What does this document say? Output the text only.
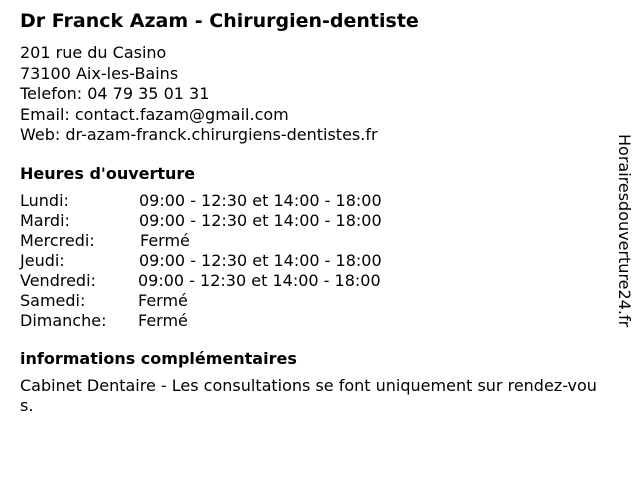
Dr Franck Azam - Chirurgien-dentiste
201 rue du Casino
73100 Aix-les-Bains
Telefon: 04 79 35 01 31
Email: contact.fazam@gmail.com
Web: dr-azam-franck.chirurgiens-dentistes.fr
Heures d'ouverture
Lundi:	09:00 - 12:30 et 14:00 - 18:00
Mardi:	09:00 - 12:30 et 14:00 - 18:00
Mercredi:	Fermé
Jeudi:	09:00 - 12:30 et 14:00 - 18:00
Vendredi:	09:00 - 12:30 et 14:00 - 18:00
Samedi:	Fermé
Dimanche:	Fermé
informations complémentaires
Cabinet Dentaire - Les consultations se font uniquement sur rendez-vous.
Horairesdouverture24.fr
